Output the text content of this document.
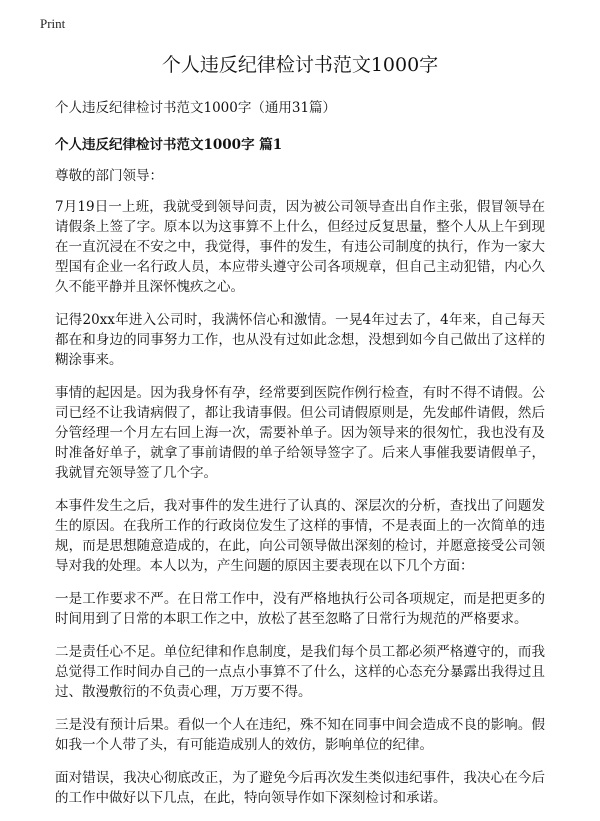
Print
个人违反纪律检讨书范文1000字

个人违反纪律检讨书范文1000字（通用31篇）

个人违反纪律检讨书范文1000字 篇1

尊敬的部门领导：

7月19日一上班，我就受到领导问责，因为被公司领导查出自作主张，假冒领导在请假条上签了字。原本以为这事算不上什么，但经过反复思量，整个人从上午到现在一直沉浸在不安之中，我觉得，事件的发生，有违公司制度的执行，作为一家大型国有企业一名行政人员，本应带头遵守公司各项规章，但自己主动犯错，内心久久不能平静并且深怀愧疚之心。

记得20xx年进入公司时，我满怀信心和激情。一晃4年过去了，4年来，自己每天都在和身边的同事努力工作，也从没有过如此念想，没想到如今自己做出了这样的糊涂事来。

事情的起因是。因为我身怀有孕，经常要到医院作例行检查，有时不得不请假。公司已经不让我请病假了，都让我请事假。但公司请假原则是，先发邮件请假，然后分管经理一个月左右回上海一次，需要补单子。因为领导来的很匆忙，我也没有及时准备好单子，就拿了事前请假的单子给领导签字了。后来人事催我要请假单子，我就冒充领导签了几个字。

本事件发生之后，我对事件的发生进行了认真的、深层次的分析，查找出了问题发生的原因。在我所工作的行政岗位发生了这样的事情，不是表面上的一次简单的违规，而是思想随意造成的，在此，向公司领导做出深刻的检讨，并愿意接受公司领导对我的处理。本人以为，产生问题的原因主要表现在以下几个方面：

一是工作要求不严。在日常工作中，没有严格地执行公司各项规定，而是把更多的时间用到了日常的本职工作之中，放松了甚至忽略了日常行为规范的严格要求。

二是责任心不足。单位纪律和作息制度，是我们每个员工都必须严格遵守的，而我总觉得工作时间办自己的一点点小事算不了什么，这样的心态充分暴露出我得过且过、散漫敷衍的不负责心理，万万要不得。

三是没有预计后果。看似一个人在违纪，殊不知在同事中间会造成不良的影响。假如我一个人带了头，有可能造成别人的效仿，影响单位的纪律。

面对错误，我决心彻底改正，为了避免今后再次发生类似违纪事件，我决心在今后的工作中做好以下几点，在此，特向领导作如下深刻检讨和承诺。
